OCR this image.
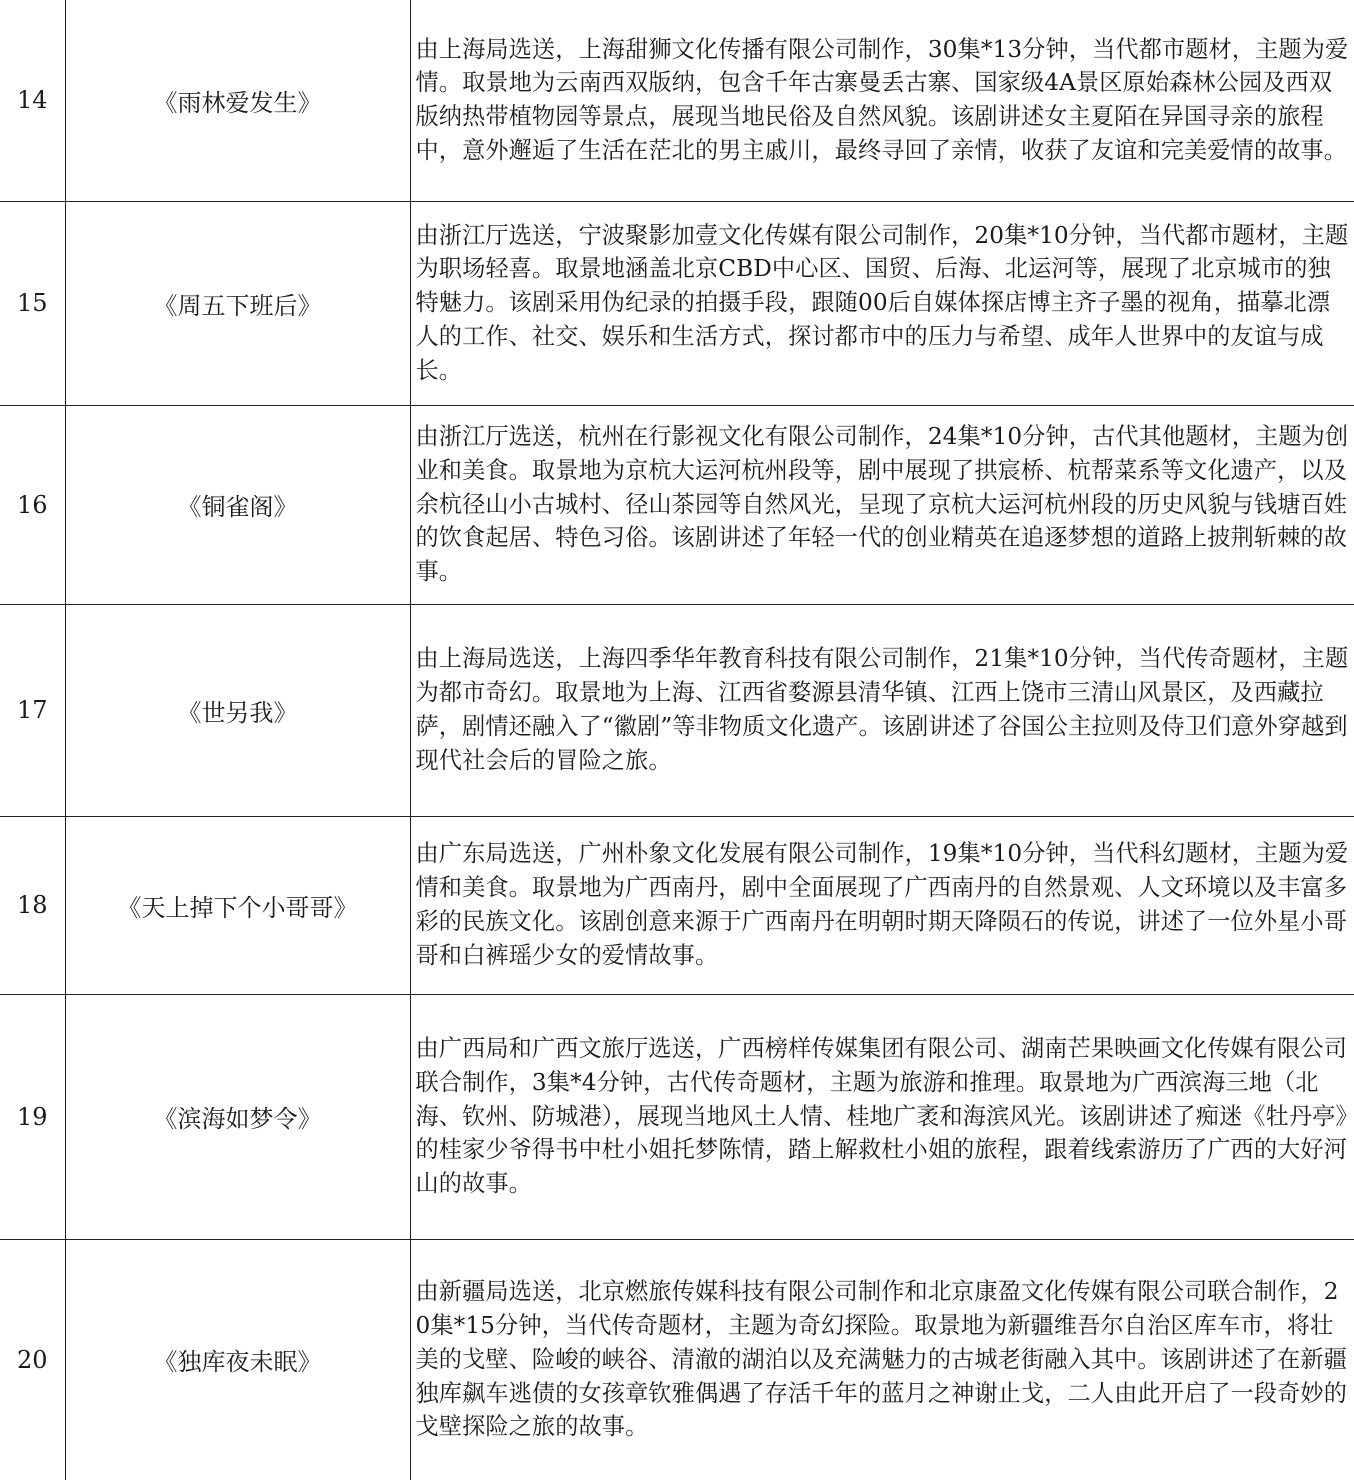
14	《雨林爱发生》	由上海局选送，上海甜狮文化传播有限公司制作，30集*13分钟，当代都市题材，主题为爱情。取景地为云南西双版纳，包含千年古寨曼丢古寨、国家级4A景区原始森林公园及西双版纳热带植物园等景点，展现当地民俗及自然风貌。该剧讲述女主夏陌在异国寻亲的旅程中，意外邂逅了生活在茫北的男主戚川，最终寻回了亲情，收获了友谊和完美爱情的故事。
15	《周五下班后》	由浙江厅选送，宁波聚影加壹文化传媒有限公司制作，20集*10分钟，当代都市题材，主题为职场轻喜。取景地涵盖北京CBD中心区、国贸、后海、北运河等，展现了北京城市的独特魅力。该剧采用伪纪录的拍摄手段，跟随00后自媒体探店博主齐子墨的视角，描摹北漂人的工作、社交、娱乐和生活方式，探讨都市中的压力与希望、成年人世界中的友谊与成长。
16	《铜雀阁》	由浙江厅选送，杭州在行影视文化有限公司制作，24集*10分钟，古代其他题材，主题为创业和美食。取景地为京杭大运河杭州段等，剧中展现了拱宸桥、杭帮菜系等文化遗产，以及余杭径山小古城村、径山茶园等自然风光，呈现了京杭大运河杭州段的历史风貌与钱塘百姓的饮食起居、特色习俗。该剧讲述了年轻一代的创业精英在追逐梦想的道路上披荆斩棘的故事。
17	《世另我》	由上海局选送，上海四季华年教育科技有限公司制作，21集*10分钟，当代传奇题材，主题为都市奇幻。取景地为上海、江西省婺源县清华镇、江西上饶市三清山风景区，及西藏拉萨，剧情还融入了“徽剧”等非物质文化遗产。该剧讲述了谷国公主拉则及侍卫们意外穿越到现代社会后的冒险之旅。
18	《天上掉下个小哥哥》	由广东局选送，广州朴象文化发展有限公司制作，19集*10分钟，当代科幻题材，主题为爱情和美食。取景地为广西南丹，剧中全面展现了广西南丹的自然景观、人文环境以及丰富多彩的民族文化。该剧创意来源于广西南丹在明朝时期天降陨石的传说，讲述了一位外星小哥哥和白裤瑶少女的爱情故事。
19	《滨海如梦令》	由广西局和广西文旅厅选送，广西榜样传媒集团有限公司、湖南芒果映画文化传媒有限公司联合制作，3集*4分钟，古代传奇题材，主题为旅游和推理。取景地为广西滨海三地（北海、钦州、防城港），展现当地风土人情、桂地广袤和海滨风光。该剧讲述了痴迷《牡丹亭》的桂家少爷得书中杜小姐托梦陈情，踏上解救杜小姐的旅程，跟着线索游历了广西的大好河山的故事。
20	《独库夜未眠》	由新疆局选送，北京燃旅传媒科技有限公司制作和北京康盈文化传媒有限公司联合制作，20集*15分钟，当代传奇题材，主题为奇幻探险。取景地为新疆维吾尔自治区库车市，将壮美的戈壁、险峻的峡谷、清澈的湖泊以及充满魅力的古城老街融入其中。该剧讲述了在新疆独库飙车逃债的女孩章钦雅偶遇了存活千年的蓝月之神谢止戈，二人由此开启了一段奇妙的戈壁探险之旅的故事。
